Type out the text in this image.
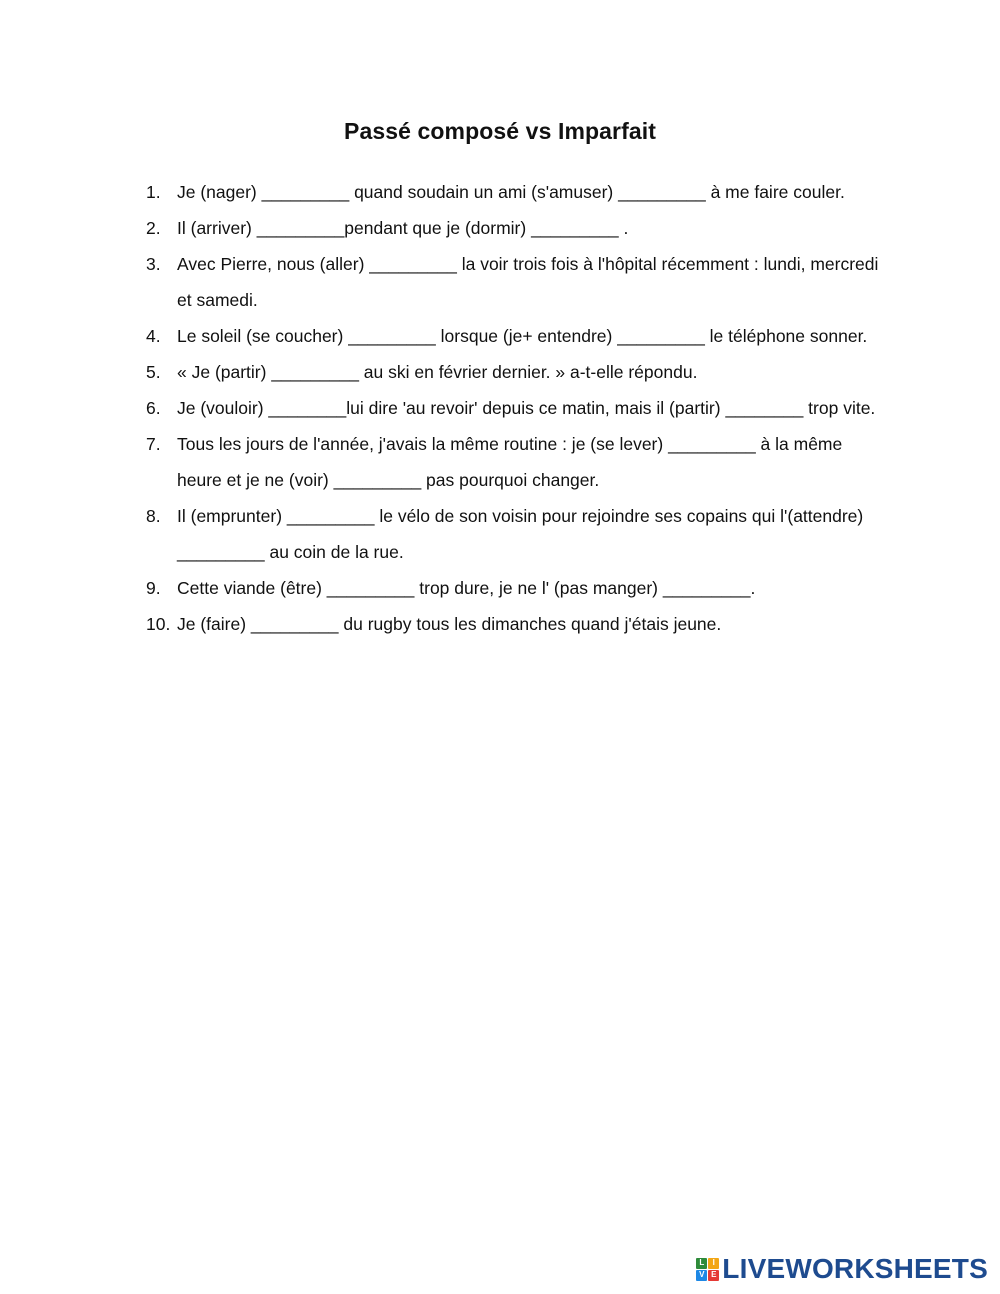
Passé composé vs Imparfait
1. Je (nager) _________ quand soudain un ami (s'amuser) _________ à me faire couler.
2. Il (arriver) _________pendant que je (dormir) _________ .
3. Avec Pierre, nous (aller) _________ la voir trois fois à l'hôpital récemment : lundi, mercredi et samedi.
4. Le soleil (se coucher) _________ lorsque (je+ entendre) _________ le téléphone sonner.
5. « Je (partir) _________ au ski en février dernier. » a-t-elle répondu.
6. Je (vouloir) ________lui dire 'au revoir' depuis ce matin, mais il (partir) ________ trop vite.
7. Tous les jours de l'année, j'avais la même routine : je (se lever) _________ à la même heure et je ne (voir) _________ pas pourquoi changer.
8. Il (emprunter) _________ le vélo de son voisin pour rejoindre ses copains qui l'(attendre) _________ au coin de la rue.
9. Cette viande (être) _________ trop dure, je ne l' (pas manger) _________.
10. Je (faire) _________ du rugby tous les dimanches quand j'étais jeune.
L	I
V E LIVEWORKSHEETS
